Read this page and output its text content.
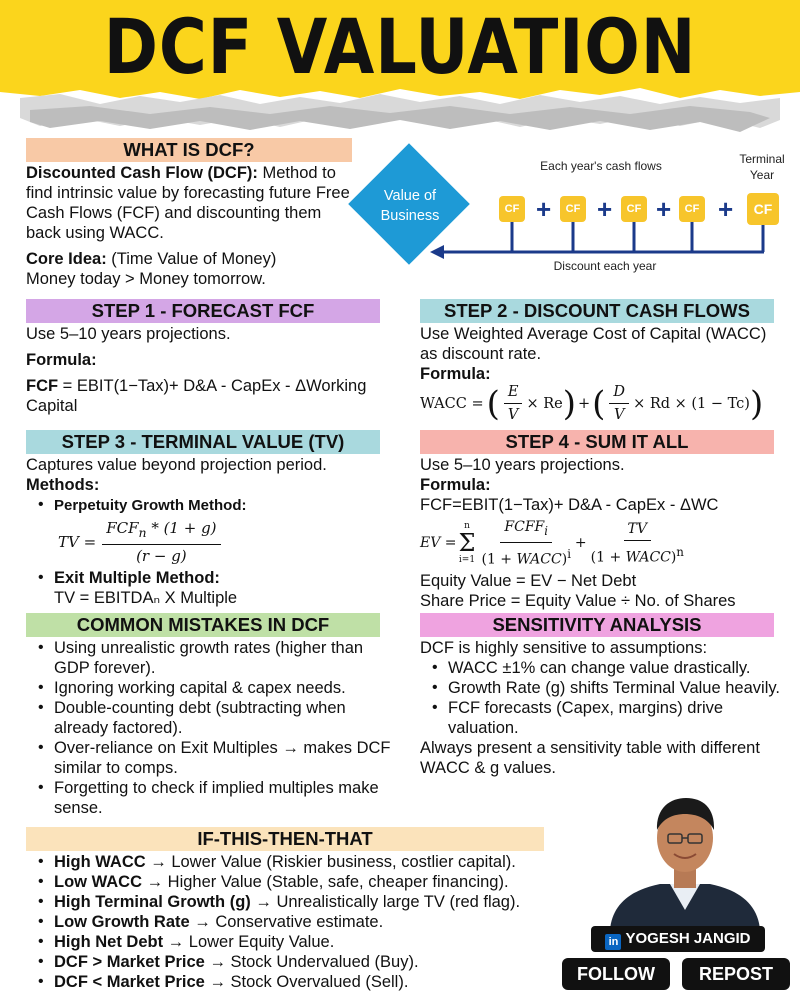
DCF VALUATION
WHAT IS DCF?
Discounted Cash Flow (DCF): Method to find intrinsic value by forecasting future Free Cash Flows (FCF) and discounting them back using WACC.
Core Idea: (Time Value of Money)
Money today > Money tomorrow.
Value of Business
Each year's cash flows	Terminal Year
CF +	CF +	CF +	CF +	CF
Discount each year
STEP 1 - FORECAST FCF
Use 5–10 years projections.
Formula:
FCF = EBIT(1−Tax)+ D&A - CapEx - ΔWorking Capital
STEP 2 - DISCOUNT CASH FLOWS
Use Weighted Average Cost of Capital (WACC) as discount rate.
Formula:
WACC = ( $\frac{E}{V} \times Re$ ) + ( $\frac{D}{V} \times Rd \times (1 - Tc)$ )
STEP 3 - TERMINAL VALUE (TV)
Captures value beyond projection period.
Methods:
• Perpetuity Growth Method:
TV = $\frac{FCF_n * (1 + g)}{(r - g)}$
• Exit Multiple Method:
TV = EBITDAₙ X Multiple
STEP 4 - SUM IT ALL
Use 5–10 years projections.
Formula:
FCF=EBIT(1−Tax)+ D&A - CapEx - ΔWC
EV =
n
Σ
$i=1 \frac{FCFF_i}{(1 + WACC)^i} + \frac{TV}{(1 + WACC)^n}$
Equity Value = EV − Net Debt
Share Price = Equity Value ÷ No. of Shares
COMMON MISTAKES IN DCF
• Using unrealistic growth rates (higher than GDP forever).
• Ignoring working capital & capex needs.
• Double-counting debt (subtracting when already factored).
• Over-reliance on Exit Multiples → makes DCF similar to comps.
• Forgetting to check if implied multiples make sense.
SENSITIVITY ANALYSIS
DCF is highly sensitive to assumptions:
• WACC ±1% can change value drastically.
• Growth Rate (g) shifts Terminal Value heavily.
• FCF forecasts (Capex, margins) drive valuation.
Always present a sensitivity table with different WACC & g values.
IF-THIS-THEN-THAT
• High WACC → Lower Value (Riskier business, costlier capital).
• Low WACC → Higher Value (Stable, safe, cheaper financing).
• High Terminal Growth (g) → Unrealistically large TV (red flag).
• Low Growth Rate → Conservative estimate.
• High Net Debt → Lower Equity Value.
• DCF > Market Price → Stock Undervalued (Buy).
• DCF < Market Price → Stock Overvalued (Sell).
in YOGESH JANGID
FOLLOW	REPOST
